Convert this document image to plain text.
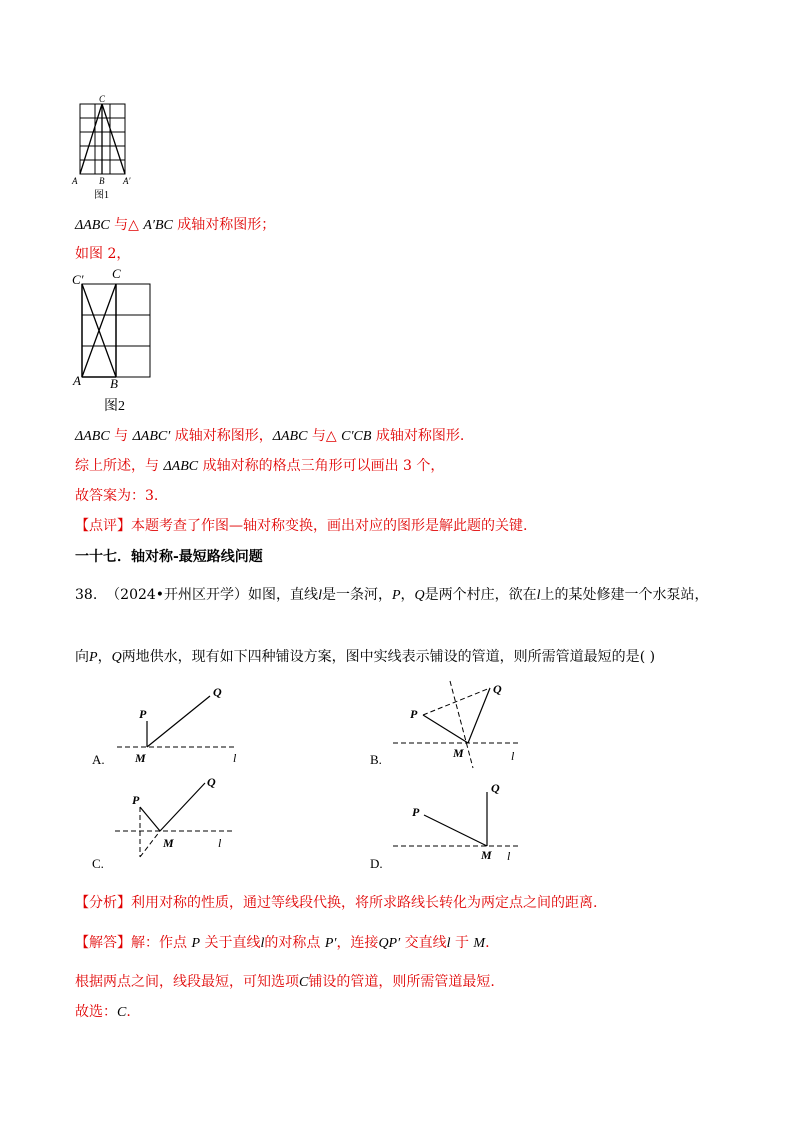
C
A B A′
图1
ΔABC 与△ A′BC 成轴对称图形；
如图 2，
C′ C
A B
图2
ΔABC 与 ΔABC′ 成轴对称图形，ΔABC 与△ C′CB 成轴对称图形.
综上所述，与 ΔABC 成轴对称的格点三角形可以画出 3 个，
故答案为：3.
【点评】本题考查了作图—轴对称变换，画出对应的图形是解此题的关键.
一十七．轴对称-最短路线问题
38. （2024•开州区开学）如图，直线l是一条河，P，Q是两个村庄，欲在l上的某处修建一个水泵站，
向P，Q两地供水，现有如下四种铺设方案，图中实线表示铺设的管道，则所需管道最短的是( )
P
Q
M	l
A.
P
Q
M	l
B.
P
Q
M	l
C.
P
Q
M l
D.
【分析】利用对称的性质，通过等线段代换，将所求路线长转化为两定点之间的距离.
【解答】解：作点 P 关于直线l的对称点 P′，连接QP′ 交直线l 于 M.
根据两点之间，线段最短，可知选项C铺设的管道，则所需管道最短.
故选：C.
